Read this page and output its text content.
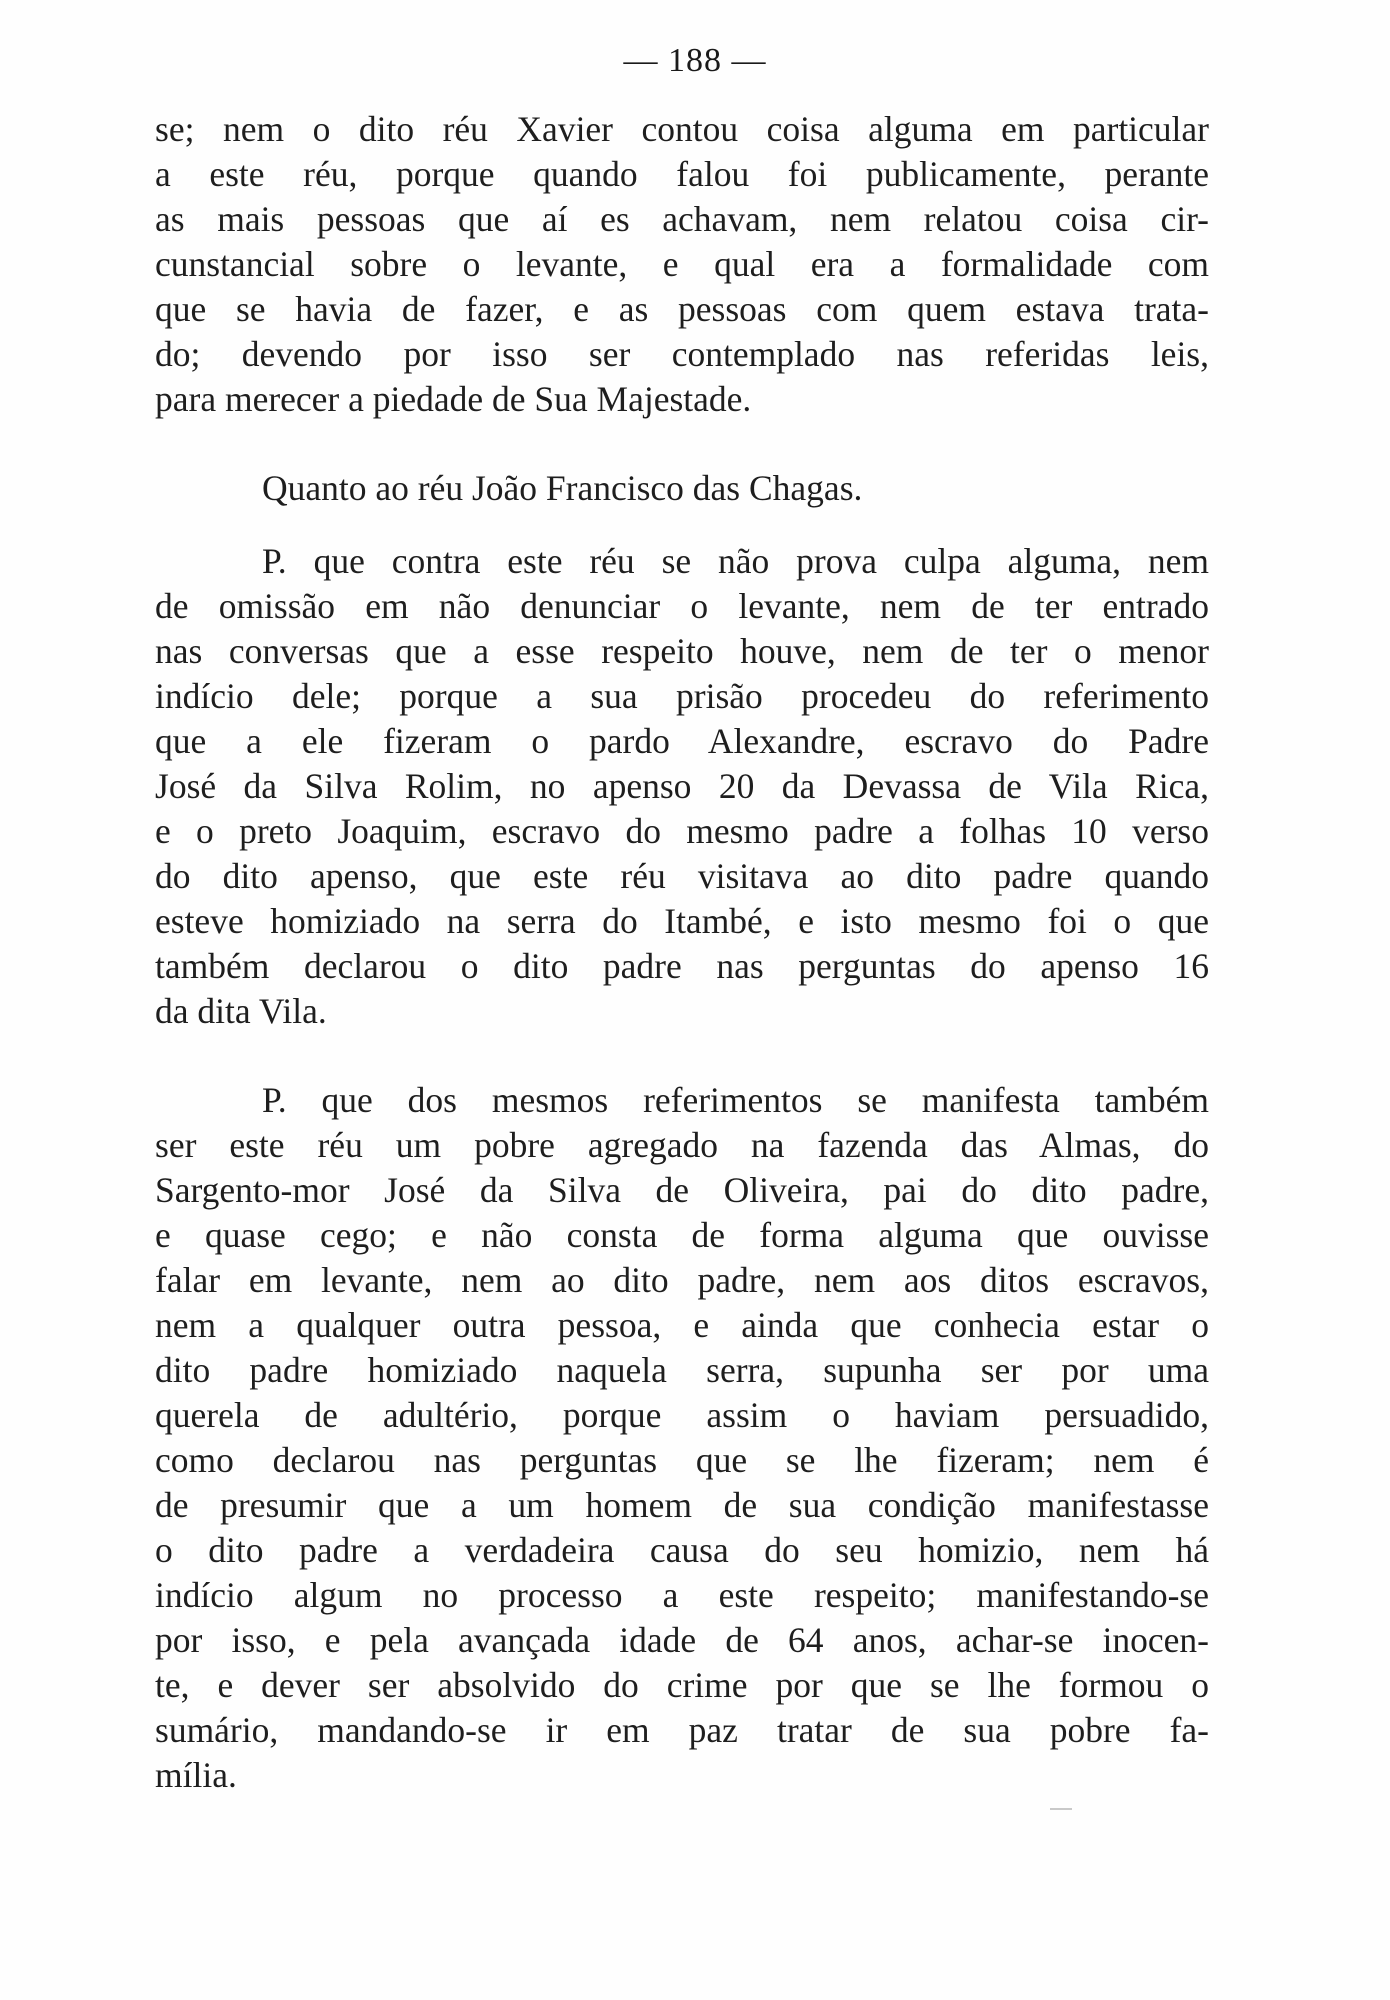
— 188 —
se; nem o dito réu Xavier contou coisa alguma em particular
a este réu, porque quando falou foi publicamente, perante
as mais pessoas que aí es achavam, nem relatou coisa cir-
cunstancial sobre o levante, e qual era a formalidade com
que se havia de fazer, e as pessoas com quem estava trata-
do; devendo por isso ser contemplado nas referidas leis,
para merecer a piedade de Sua Majestade.
Quanto ao réu João Francisco das Chagas.
P. que contra este réu se não prova culpa alguma, nem
de omissão em não denunciar o levante, nem de ter entrado
nas conversas que a esse respeito houve, nem de ter o menor
indício dele; porque a sua prisão procedeu do referimento
que a ele fizeram o pardo Alexandre, escravo do Padre
José da Silva Rolim, no apenso 20 da Devassa de Vila Rica,
e o preto Joaquim, escravo do mesmo padre a folhas 10 verso
do dito apenso, que este réu visitava ao dito padre quando
esteve homiziado na serra do Itambé, e isto mesmo foi o que
também declarou o dito padre nas perguntas do apenso 16
da dita Vila.
P. que dos mesmos referimentos se manifesta também
ser este réu um pobre agregado na fazenda das Almas, do
Sargento-mor José da Silva de Oliveira, pai do dito padre,
e quase cego; e não consta de forma alguma que ouvisse
falar em levante, nem ao dito padre, nem aos ditos escravos,
nem a qualquer outra pessoa, e ainda que conhecia estar o
dito padre homiziado naquela serra, supunha ser por uma
querela de adultério, porque assim o haviam persuadido,
como declarou nas perguntas que se lhe fizeram; nem é
de presumir que a um homem de sua condição manifestasse
o dito padre a verdadeira causa do seu homizio, nem há
indício algum no processo a este respeito; manifestando-se
por isso, e pela avançada idade de 64 anos, achar-se inocen-
te, e dever ser absolvido do crime por que se lhe formou o
sumário, mandando-se ir em paz tratar de sua pobre fa-
mília.
